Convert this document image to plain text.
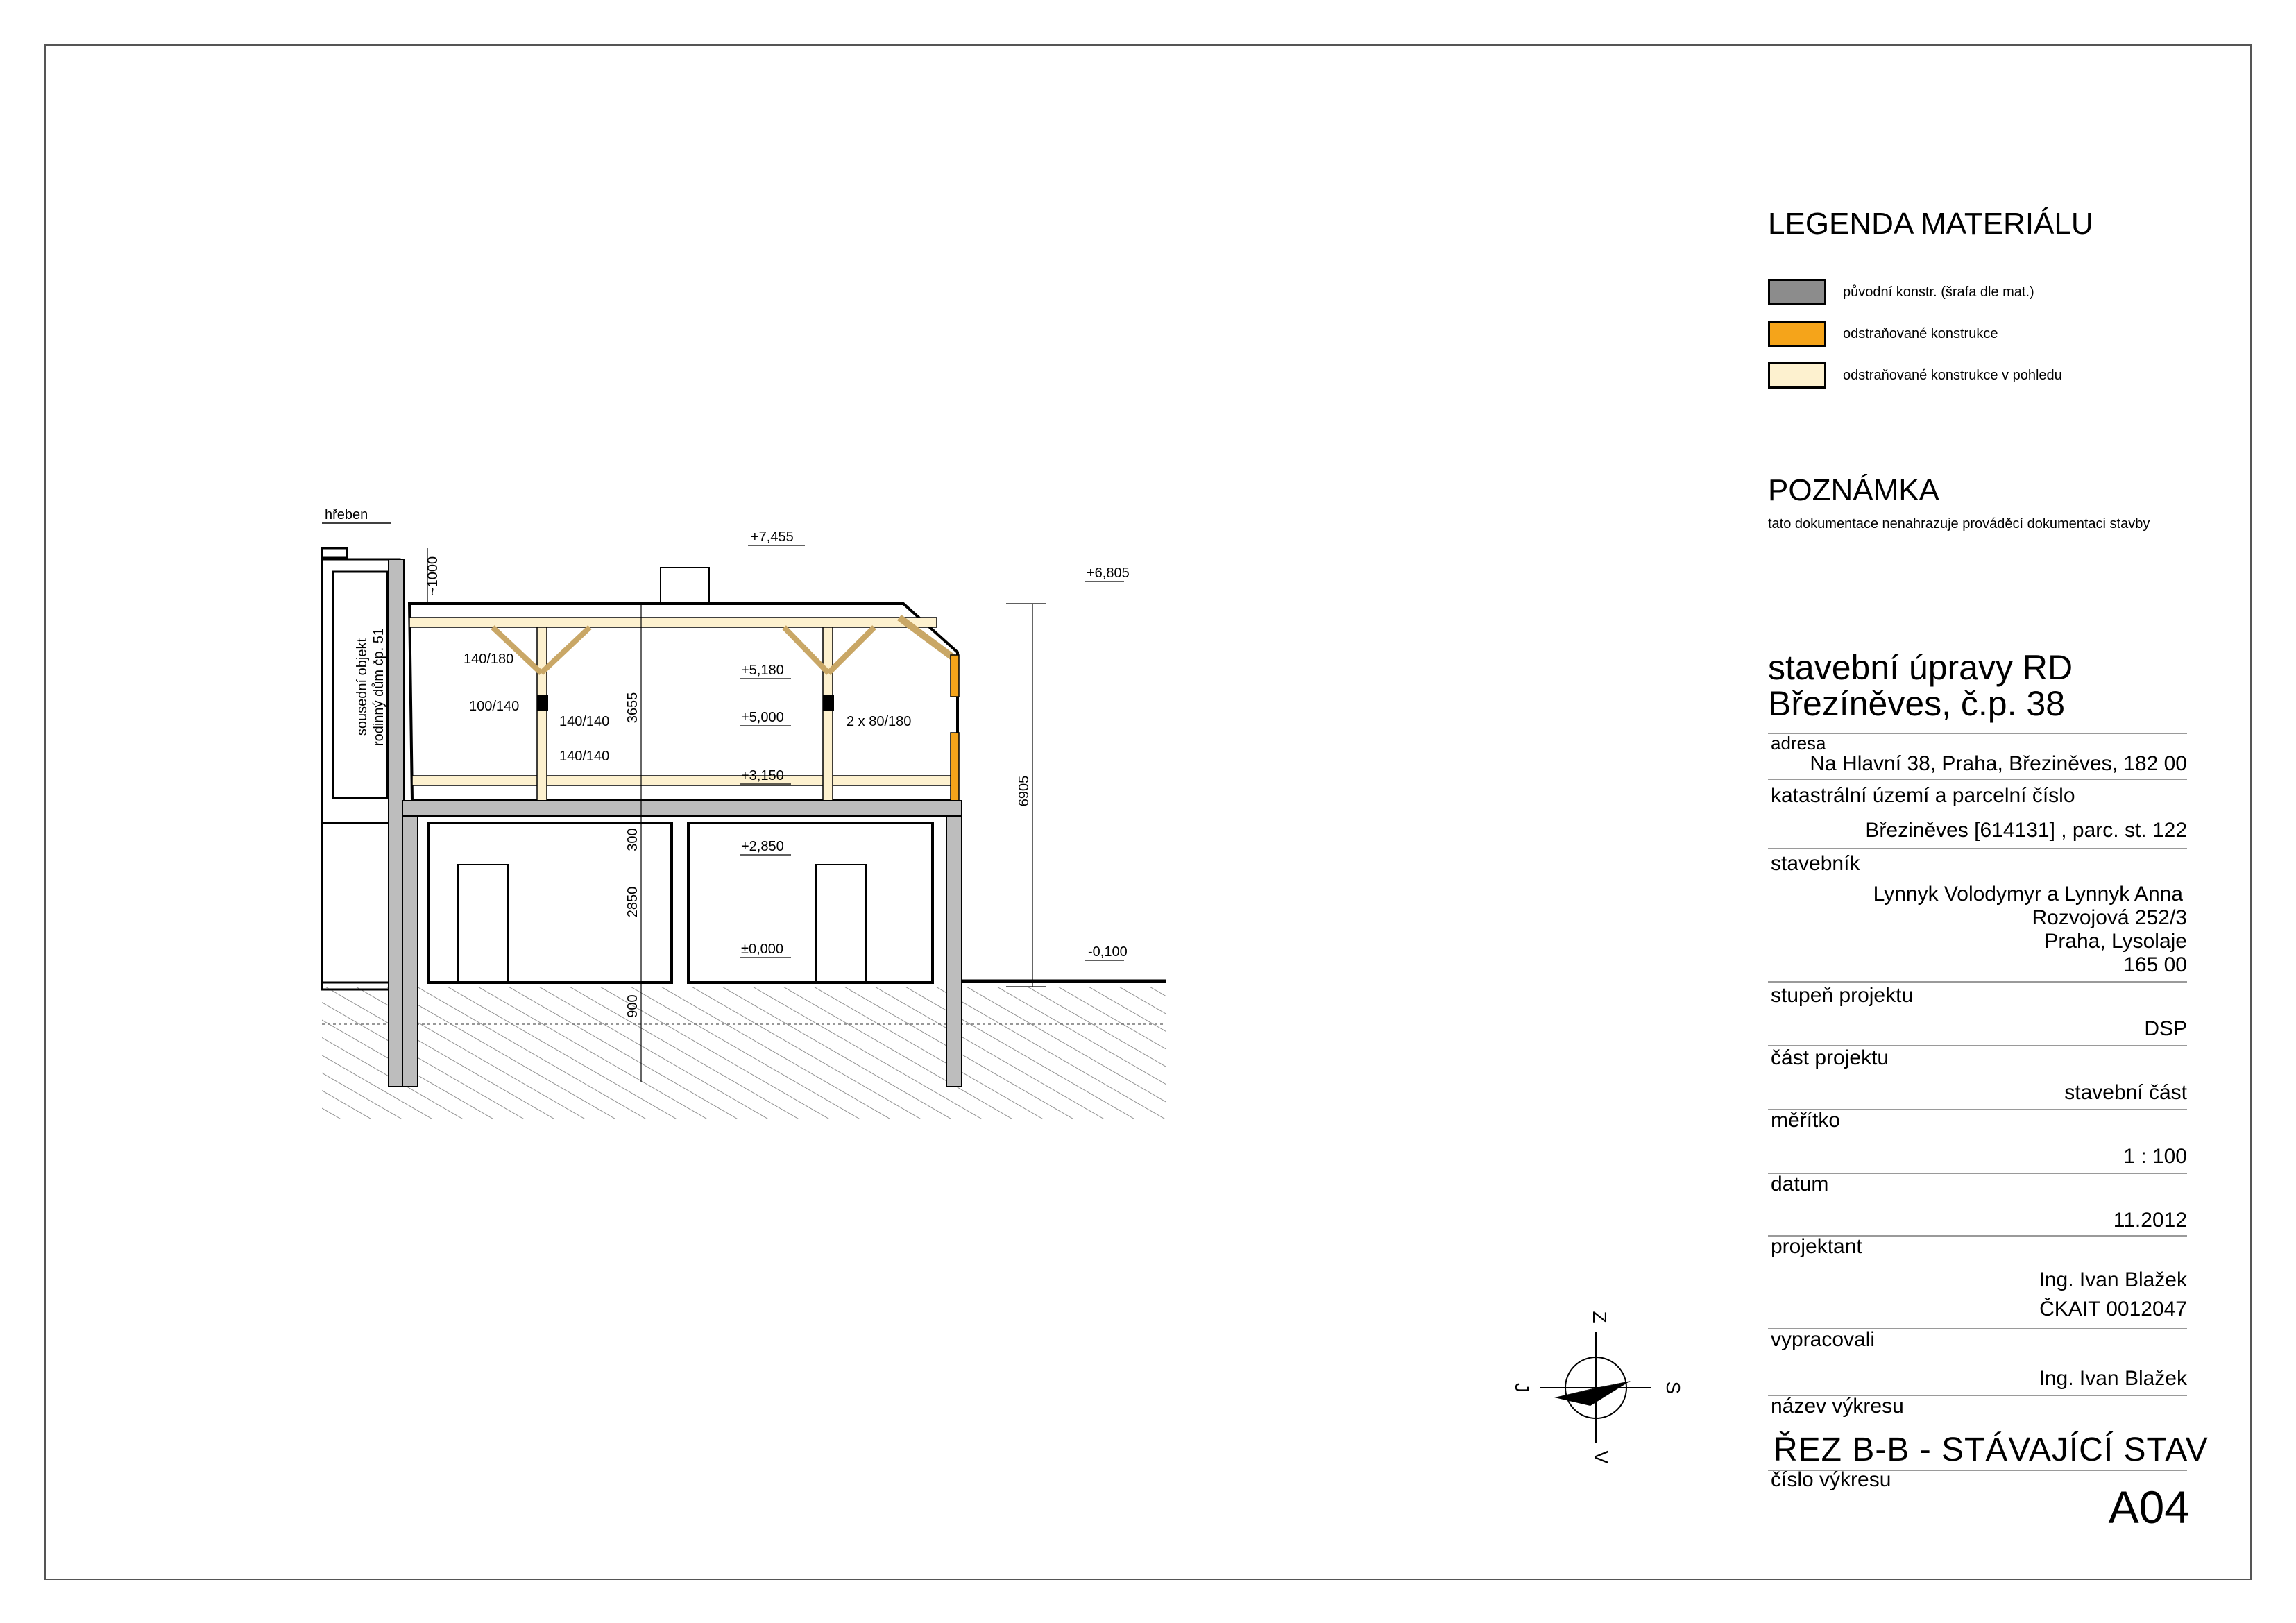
LEGENDA MATERIÁLU
původní konstr. (šrafa dle mat.)
odstraňované konstrukce
odstraňované konstrukce v pohledu
POZNÁMKA
tato dokumentace nenahrazuje prováděcí dokumentaci stavby
stavební úpravy RD
Březíněves, č.p. 38
adresa
Na Hlavní 38, Praha, Březiněves, 182 00
katastrální území a parcelní číslo
Březiněves [614131] , parc. st. 122
stavebník
Lynnyk Volodymyr a Lynnyk Anna
Rozvojová 252/3
Praha, Lysolaje
165 00
stupeň projektu
DSP
část projektu
stavební část
měřítko
1 : 100
datum
11.2012
projektant
Ing. Ivan Blažek
ČKAIT 0012047
vypracovali
Ing. Ivan Blažek
název výkresu
ŘEZ B-B - STÁVAJÍCÍ STAV
číslo výkresu
A04
Z
S
V
J
sousední objekt rodinný dům čp. 51
hřeben
+7,455
+6,805
+5,180
+5,000
+3,150
+2,850
±0,000	-0,100
~1000
3655
300
2850
900
6905
140/180
100/140
140/140
140/140
2 x 80/180
